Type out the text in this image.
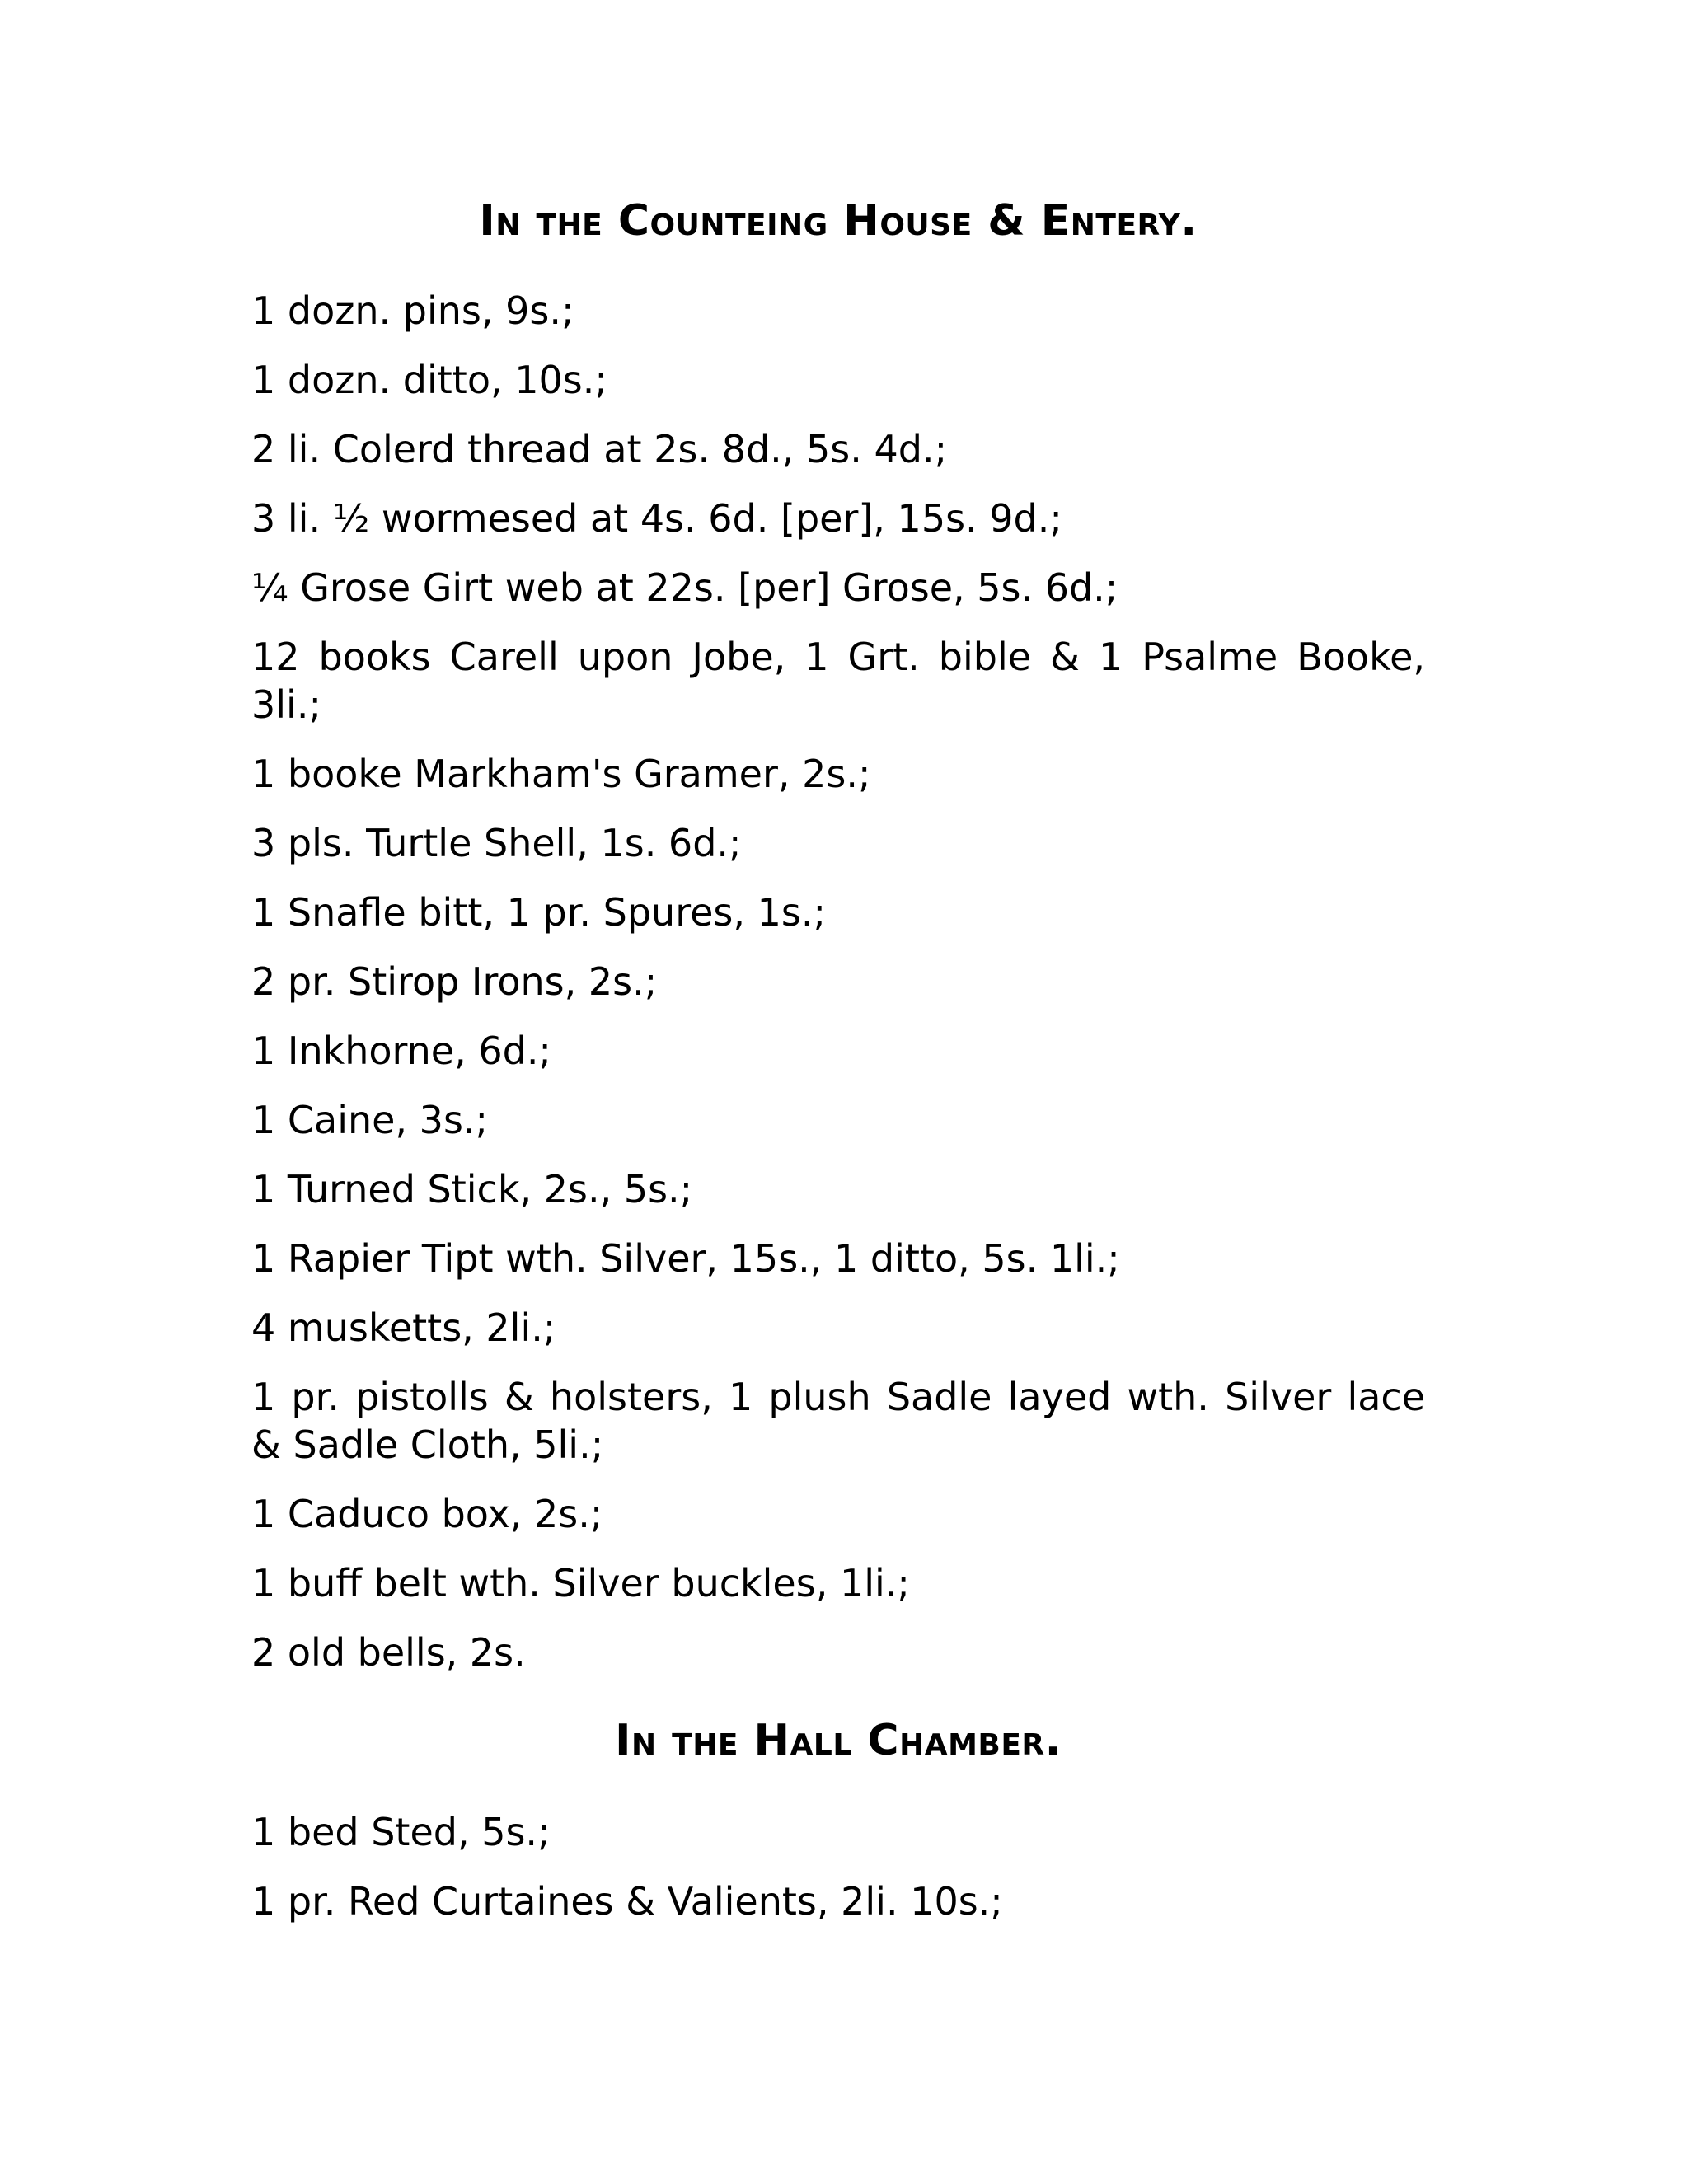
In the Counteing House & Entery.
1 dozn. pins, 9s.;
1 dozn. ditto, 10s.;
2 li. Colerd thread at 2s. 8d., 5s. 4d.;
3 li. ½ wormesed at 4s. 6d. [per], 15s. 9d.;
¼ Grose Girt web at 22s. [per] Grose, 5s. 6d.;
12 books Carell upon Jobe, 1 Grt. bible & 1 Psalme Booke, 3li.;
1 booke Markham's Gramer, 2s.;
3 pls. Turtle Shell, 1s. 6d.;
1 Snafle bitt, 1 pr. Spures, 1s.;
2 pr. Stirop Irons, 2s.;
1 Inkhorne, 6d.;
1 Caine, 3s.;
1 Turned Stick, 2s., 5s.;
1 Rapier Tipt wth. Silver, 15s., 1 ditto, 5s. 1li.;
4 musketts, 2li.;
1 pr. pistolls & holsters, 1 plush Sadle layed wth. Silver lace & Sadle Cloth, 5li.;
1 Caduco box, 2s.;
1 buff belt wth. Silver buckles, 1li.;
2 old bells, 2s.
In the Hall Chamber.
1 bed Sted, 5s.;
1 pr. Red Curtaines & Valients, 2li. 10s.;
